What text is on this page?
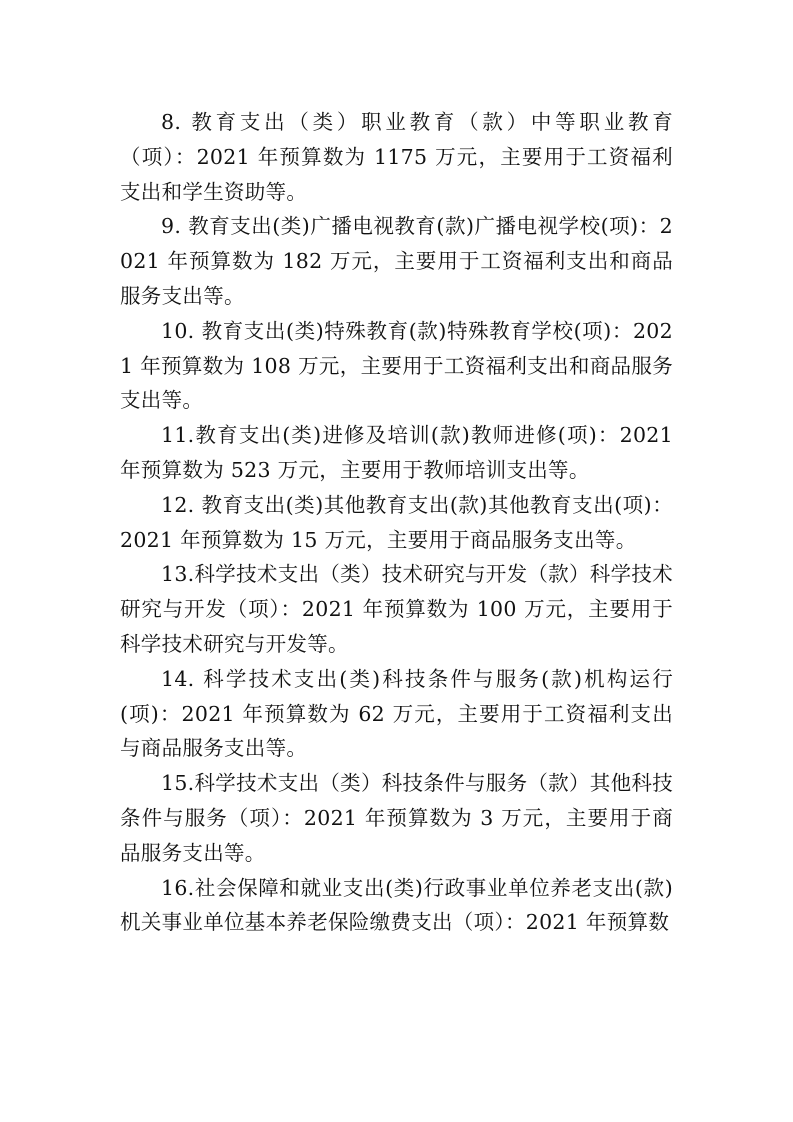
8. 教育支出（类）职业教育（款）中等职业教育（项）：2021 年预算数为 1175 万元，主要用于工资福利支出和学生资助等。

9. 教育支出(类)广播电视教育(款)广播电视学校(项)：2021 年预算数为 182 万元，主要用于工资福利支出和商品服务支出等。

10. 教育支出(类)特殊教育(款)特殊教育学校(项)：2021 年预算数为 108 万元，主要用于工资福利支出和商品服务支出等。

11.教育支出(类)进修及培训(款)教师进修(项)：2021 年预算数为 523 万元，主要用于教师培训支出等。

12. 教育支出(类)其他教育支出(款)其他教育支出(项)：2021 年预算数为 15 万元，主要用于商品服务支出等。

13.科学技术支出（类）技术研究与开发（款）科学技术研究与开发（项）：2021 年预算数为 100 万元，主要用于科学技术研究与开发等。

14. 科学技术支出(类)科技条件与服务(款)机构运行(项)：2021 年预算数为 62 万元，主要用于工资福利支出与商品服务支出等。

15.科学技术支出（类）科技条件与服务（款）其他科技条件与服务（项）：2021 年预算数为 3 万元，主要用于商品服务支出等。

16.社会保障和就业支出(类)行政事业单位养老支出(款)机关事业单位基本养老保险缴费支出（项）：2021 年预算数
